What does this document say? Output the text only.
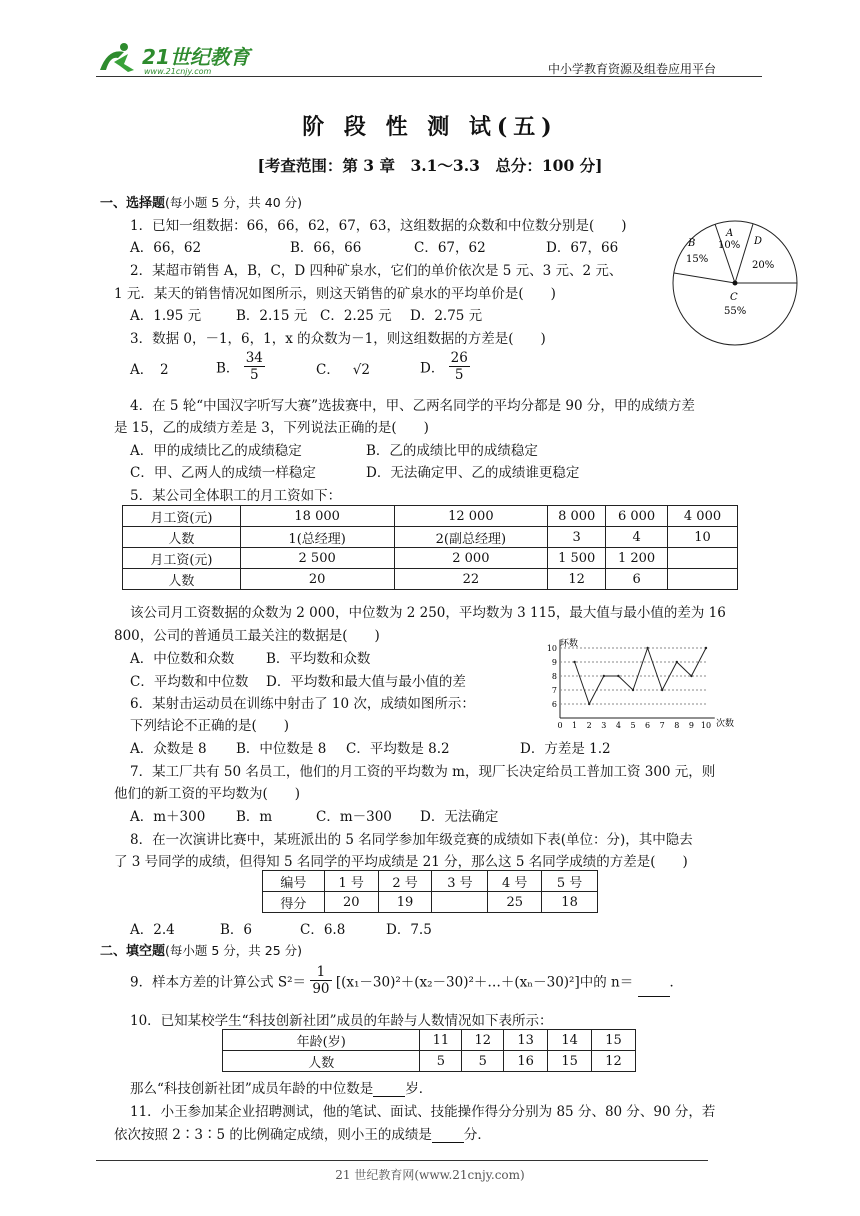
21世纪教育
www.21cnjy.com	中小学教育资源及组卷应用平台
阶 段 性 测 试(五)
[考查范围：第 3 章　3.1～3.3　总分：100 分]
一、选择题(每小题 5 分，共 40 分)
1．已知一组数据：66，66，62，67，63，这组数据的众数和中位数分别是(　　)
A．66，62	B．66，66	C．67，62	D．67，66
2．某超市销售 A，B，C，D 四种矿泉水，它们的单价依次是 5 元、3 元、2 元、
1 元．某天的销售情况如图所示，则这天销售的矿泉水的平均单价是(　　)
A．1.95 元	B．2.15 元 C．2.25 元 D．2.75 元
A
10%
B
15%
C
55%
D
20%
3．数据 0，－1，6，1，x 的众数为－1，则这组数据的方差是(　　)
A．　2	B． $\frac{34}{5}$	C． √2	D． $\frac{26}{5}$
4．在 5 轮“中国汉字听写大赛”选拔赛中，甲、乙两名同学的平均分都是 90 分，甲的成绩方差
是 15，乙的成绩方差是 3，下列说法正确的是(　　)
A．甲的成绩比乙的成绩稳定	B．乙的成绩比甲的成绩稳定
C．甲、乙两人的成绩一样稳定	D．无法确定甲、乙的成绩谁更稳定
5．某公司全体职工的月工资如下：
月工资(元)	18 000	12 000	8 000	6 000	4 000
人数	1(总经理)	2(副总经理)	3	4	10
月工资(元)	2 500	2 000	1 500	1 200	
人数	20	22	12	6	
该公司月工资数据的众数为 2 000，中位数为 2 250，平均数为 3 115，最大值与最小值的差为 16
800，公司的普通员工最关注的数据是(　　)
A．中位数和众数 B．平均数和众数
C．平均数和中位数 D．平均数和最大值与最小值的差
环数
次数
6
7
8
9
10
0 1 2 3 4 5 6 7 8 9 10
6．某射击运动员在训练中射击了 10 次，成绩如图所示：
下列结论不正确的是(　　)
A．众数是 8 B．中位数是 8 C．平均数是 8.2	D．方差是 1.2
7．某工厂共有 50 名员工，他们的月工资的平均数为 m，现厂长决定给员工普加工资 300 元，则
他们的新工资的平均数为(　　)
A．m＋300 B．m	C．m－300 D．无法确定
8．在一次演讲比赛中，某班派出的 5 名同学参加年级竞赛的成绩如下表(单位：分)，其中隐去
了 3 号同学的成绩，但得知 5 名同学的平均成绩是 21 分，那么这 5 名同学成绩的方差是(　　)
编号	1 号	2 号	3 号	4 号	5 号
得分	20	19		25	18
A．2.4	B．6	C．6.8	D．7.5
二、填空题(每小题 5 分，共 25 分)
9．样本方差的计算公式 $S^2= \frac{1}{90}$ [(x₁－30)²＋(x₂－30)²＋…＋(xₙ－30)²]中的 n＝	．
10．已知某校学生“科技创新社团”成员的年龄与人数情况如下表所示：
年龄(岁)	11	12	13	14	15
人数	5	5	16	15	12
那么“科技创新社团”成员年龄的中位数是 岁．
11．小王参加某企业招聘测试，他的笔试、面试、技能操作得分分别为 85 分、80 分、90 分，若
依次按照 2∶3∶5 的比例确定成绩，则小王的成绩是 分．
21 世纪教育网(www.21cnjy.com)
